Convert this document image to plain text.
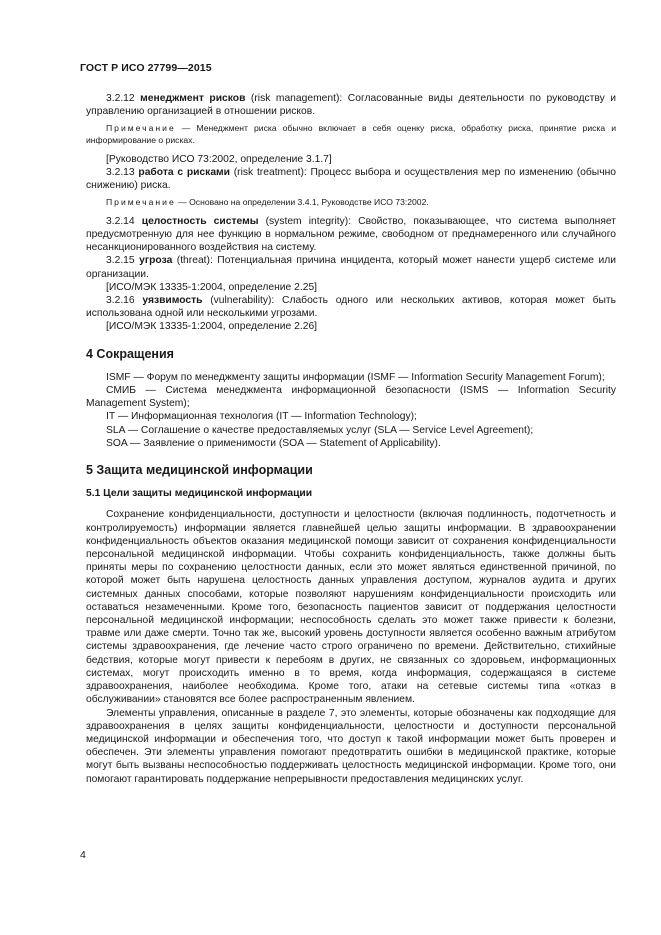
ГОСТ Р ИСО 27799—2015

3.2.12 менеджмент рисков (risk management): Согласованные виды деятельности по руководству и управлению организацией в отношении рисков.

Примечание — Менеджмент риска обычно включает в себя оценку риска, обработку риска, принятие риска и информирование о рисках.

[Руководство ИСО 73:2002, определение 3.1.7]

3.2.13 работа с рисками (risk treatment): Процесс выбора и осуществления мер по изменению (обычно снижению) риска.

Примечание — Основано на определении 3.4.1, Руководстве ИСО 73:2002.

3.2.14 целостность системы (system integrity): Свойство, показывающее, что система выполняет предусмотренную для нее функцию в нормальном режиме, свободном от преднамеренного или случайного несанкционированного воздействия на систему.

3.2.15 угроза (threat): Потенциальная причина инцидента, который может нанести ущерб системе или организации.

[ИСО/МЭК 13335-1:2004, определение 2.25]

3.2.16 уязвимость (vulnerability): Слабость одного или нескольких активов, которая может быть использована одной или несколькими угрозами.

[ИСО/МЭК 13335-1:2004, определение 2.26]

4 Сокращения

ISMF — Форум по менеджменту защиты информации (ISMF — Information Security Management Forum);

СМИБ — Система менеджмента информационной безопасности (ISMS — Information Security Management System);

IT — Информационная технология (IT — Information Technology);

SLA — Соглашение о качестве предоставляемых услуг (SLA — Service Level Agreement);

SOA — Заявление о применимости (SOA — Statement of Applicability).

5 Защита медицинской информации
5.1 Цели защиты медицинской информации

Сохранение конфиденциальности, доступности и целостности (включая подлинность, подотчетность и контролируемость) информации является главнейшей целью защиты информации. В здравоохранении конфиденциальность объектов оказания медицинской помощи зависит от сохранения конфиденциальности персональной медицинской информации. Чтобы сохранить конфиденциальность, также должны быть приняты меры по сохранению целостности данных, если это может являться единственной причиной, по которой может быть нарушена целостность данных управления доступом, журналов аудита и других системных данных способами, которые позволяют нарушениям конфиденциальности происходить или оставаться незамеченными. Кроме того, безопасность пациентов зависит от поддержания целостности персональной медицинской информации; неспособность сделать это может также привести к болезни, травме или даже смерти. Точно так же, высокий уровень доступности является особенно важным атрибутом системы здравоохранения, где лечение часто строго ограничено по времени. Действительно, стихийные бедствия, которые могут привести к перебоям в других, не связанных со здоровьем, информационных системах, могут происходить именно в то время, когда информация, содержащаяся в системе здравоохранения, наиболее необходима. Кроме того, атаки на сетевые системы типа «отказ в обслуживании» становятся все более распространенным явлением.

Элементы управления, описанные в разделе 7, это элементы, которые обозначены как подходящие для здравоохранения в целях защиты конфиденциальности, целостности и доступности персональной медицинской информации и обеспечения того, что доступ к такой информации может быть проверен и обеспечен. Эти элементы управления помогают предотвратить ошибки в медицинской практике, которые могут быть вызваны неспособностью поддерживать целостность медицинской информации. Кроме того, они помогают гарантировать поддержание непрерывности предоставления медицинских услуг.

4
